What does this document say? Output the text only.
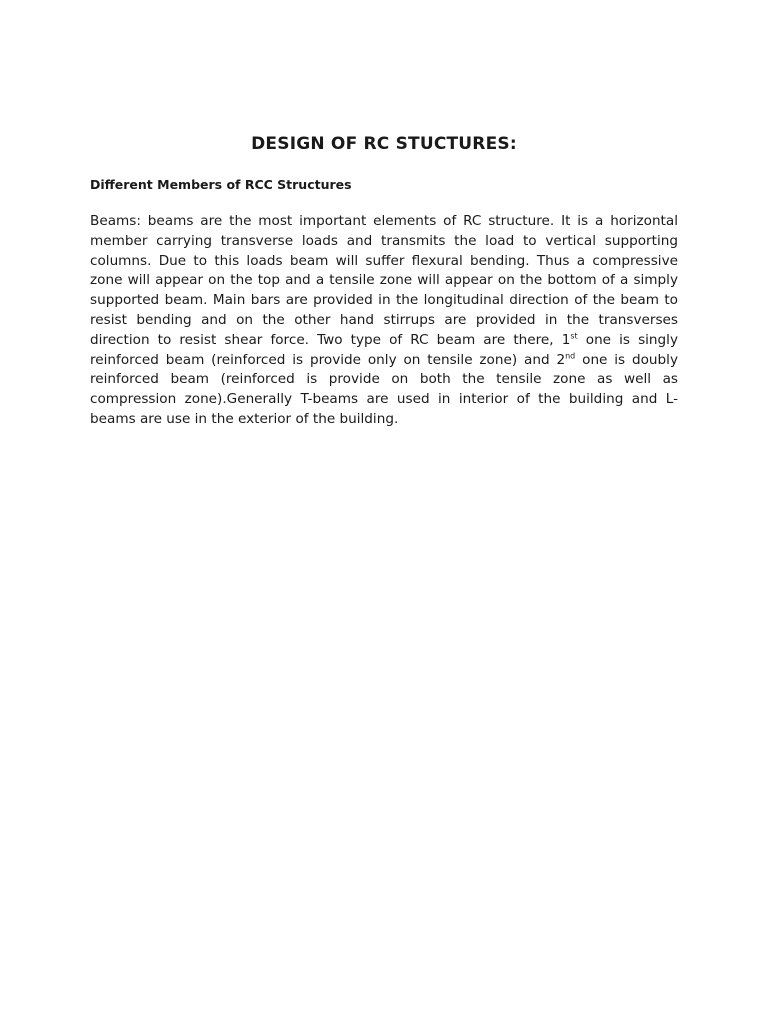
DESIGN OF RC STUCTURES:
Different Members of RCC Structures

Beams: beams are the most important elements of RC structure. It is a horizontal member carrying transverse loads and transmits the load to vertical supporting columns. Due to this loads beam will suffer flexural bending. Thus a compressive zone will appear on the top and a tensile zone will appear on the bottom of a simply supported beam. Main bars are provided in the longitudinal direction of the beam to resist bending and on the other hand stirrups are provided in the transverses direction to resist shear force. Two type of RC beam are there, 1st one is singly reinforced beam (reinforced is provide only on tensile zone) and 2nd one is doubly reinforced beam (reinforced is provide on both the tensile zone as well as compression zone).Generally T-beams are used in interior of the building and L-beams are use in the exterior of the building.
